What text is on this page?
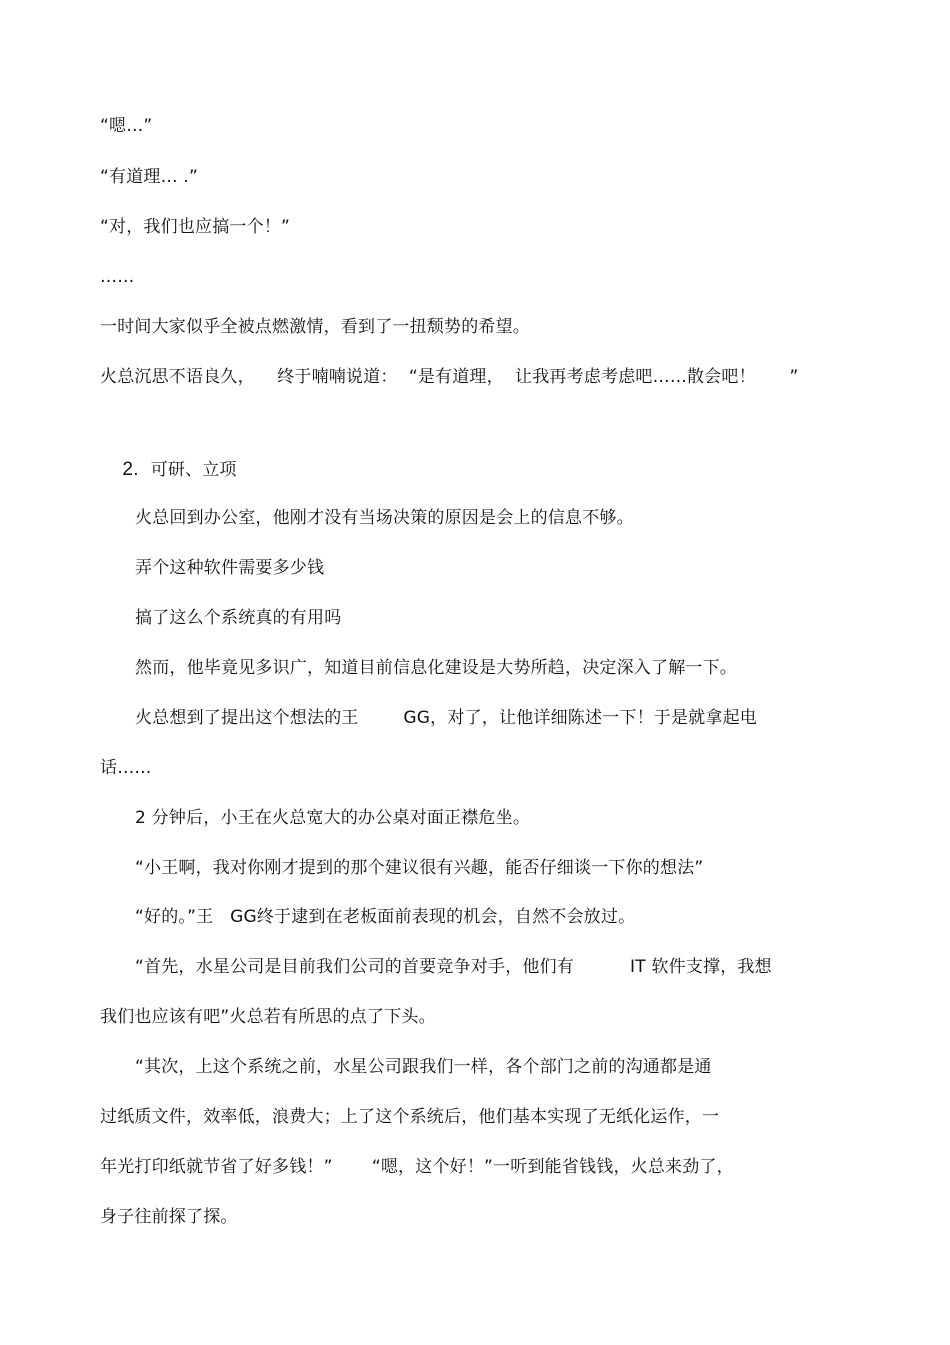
“嗯…”
“有道理… .”
“对，我们也应搞一个！”
……
一时间大家似乎全被点燃激情，看到了一扭颓势的希望。
火总沉思不语良久，    终于喃喃说道：  “是有道理，  让我再考虑考虑吧……散会吧！      ”

2. 可研、立项

火总回到办公室，他刚才没有当场决策的原因是会上的信息不够。
弄个这种软件需要多少钱
搞了这么个系统真的有用吗
然而，他毕竟见多识广，知道目前信息化建设是大势所趋，决定深入了解一下。
火总想到了提出这个想法的王        GG，对了，让他详细陈述一下！于是就拿起电
话……
2 分钟后，小王在火总宽大的办公桌对面正襟危坐。
“小王啊，我对你刚才提到的那个建议很有兴趣，能否仔细谈一下你的想法”
“好的。”王   GG终于逮到在老板面前表现的机会，自然不会放过。
“首先，水星公司是目前我们公司的首要竞争对手，他们有          IT 软件支撑，我想
我们也应该有吧”火总若有所思的点了下头。
“其次，上这个系统之前，水星公司跟我们一样，各个部门之前的沟通都是通
过纸质文件，效率低，浪费大；上了这个系统后，他们基本实现了无纸化运作，一
年光打印纸就节省了好多钱！”       “嗯，这个好！”一听到能省钱钱，火总来劲了，
身子往前探了探。
